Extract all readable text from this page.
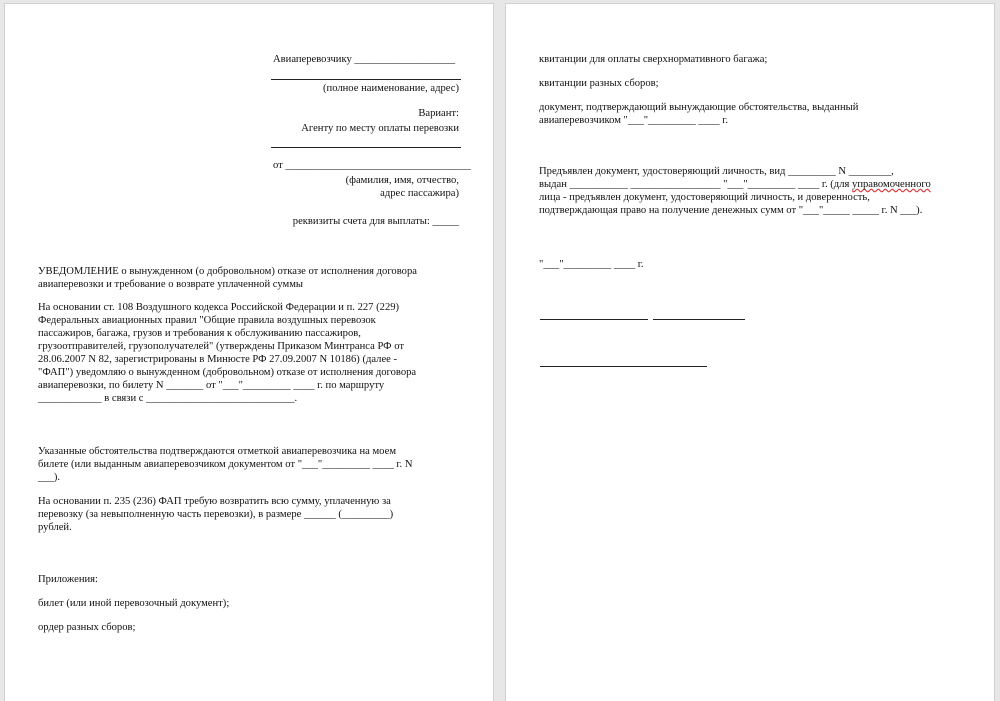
Авиаперевозчику ___________________
(полное наименование, адрес)
Вариант:
Агенту по месту оплаты перевозки
от ___________________________________
(фамилия, имя, отчество,
адрес пассажира)
реквизиты счета для выплаты: _____
УВЕДОМЛЕНИЕ о вынужденном (о добровольном) отказе от исполнения договора
авиаперевозки и требование о возврате уплаченной суммы
На основании ст. 108 Воздушного кодекса Российской Федерации и п. 227 (229)
Федеральных авиационных правил "Общие правила воздушных перевозок
пассажиров, багажа, грузов и требования к обслуживанию пассажиров,
грузоотправителей, грузополучателей" (утверждены Приказом Минтранса РФ от
28.06.2007 N 82, зарегистрированы в Минюсте РФ 27.09.2007 N 10186) (далее -
"ФАП") уведомляю о вынужденном (добровольном) отказе от исполнения договора
авиаперевозки, по билету N _______ от "___"_________ ____ г. по маршруту
____________ в связи с ____________________________.
Указанные обстоятельства подтверждаются отметкой авиаперевозчика на моем
билете (или выданным авиаперевозчиком документом от "___"_________ ____ г. N
___).
На основании п. 235 (236) ФАП требую возвратить всю сумму, уплаченную за
перевозку (за невыполненную часть перевозки), в размере ______ (_________)
рублей.
Приложения:
билет (или иной перевозочный документ);
ордер разных сборов;
квитанции для оплаты сверхнормативного багажа;
квитанции разных сборов;
документ, подтверждающий вынуждающие обстоятельства, выданный
авиаперевозчиком "___"_________ ____ г.
Предъявлен документ, удостоверяющий личность, вид _________ N ________,
выдан ___________ _________________ "___"_________ ____ г. (для управомоченного
лица - предъявлен документ, удостоверяющий личность, и доверенность,
подтверждающая право на получение денежных сумм от "___"_____ _____ г. N ___).
"___"_________ ____ г.
